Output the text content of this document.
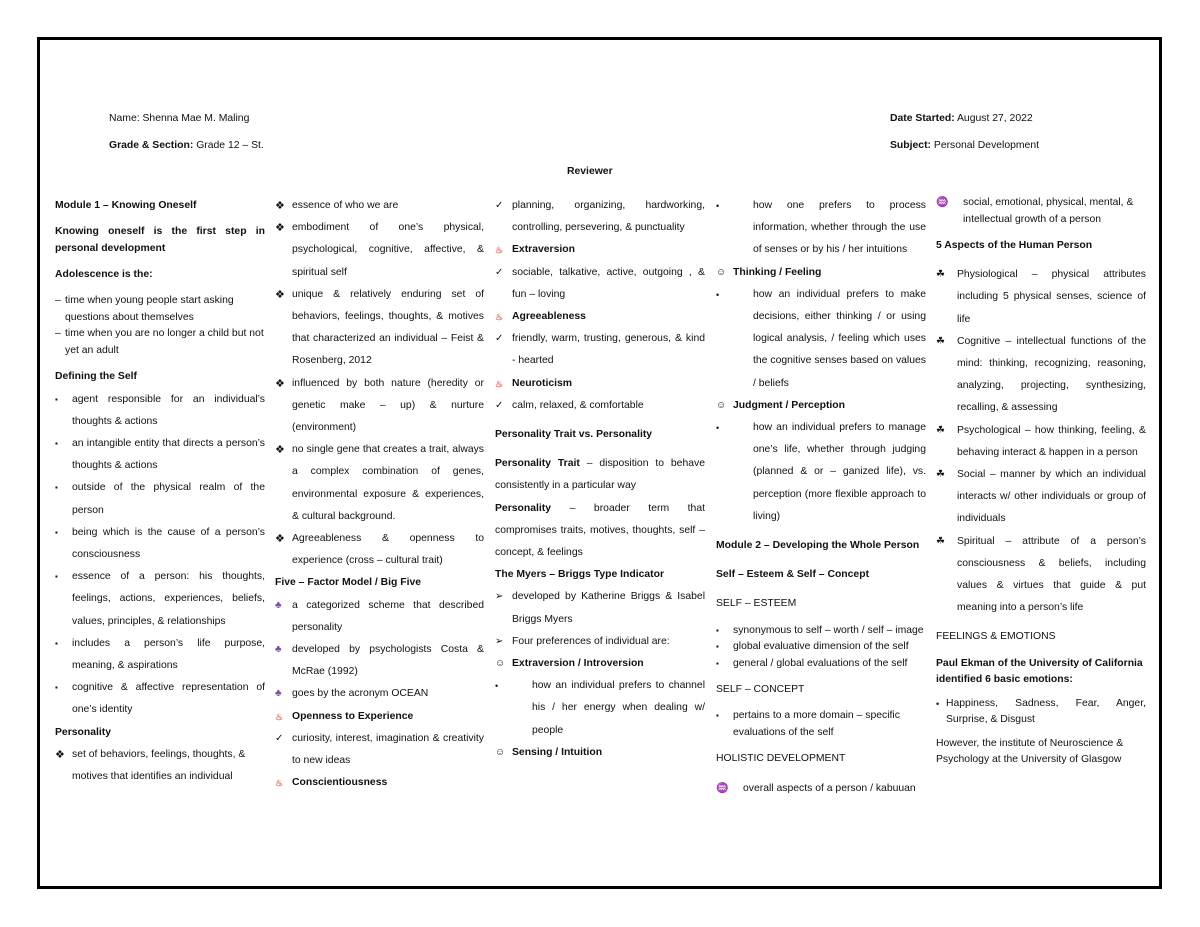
Name: Shenna Mae M. Maling
Grade & Section: Grade 12 – St.
Date Started: August 27, 2022
Subject: Personal Development
Reviewer

Module 1 – Knowing Oneself

Knowing oneself is the first step in personal development

Adolescence is the:

– time when young people start asking questions about themselves
– time when you are no longer a child but not yet an adult

Defining the Self

▪	agent responsible for an individual’s thoughts & actions
▪	an intangible entity that directs a person’s thoughts & actions
▪	outside of the physical realm of the person
▪	being which is the cause of a person’s consciousness
▪	essence of a person: his thoughts, feelings, actions, experiences, beliefs, values, principles, & relationships
▪	includes a person’s life purpose, meaning, & aspirations
▪	cognitive & affective representation of one’s identity

Personality

❖ set of behaviors, feelings, thoughts, & motives that identifies an individual
❖ essence of who we are
❖ embodiment of one’s physical, psychological, cognitive, affective, & spiritual self
❖ unique & relatively enduring set of behaviors, feelings, thoughts, & motives that characterized an individual – Feist & Rosenberg, 2012
❖ influenced by both nature (heredity or genetic make – up) & nurture (environment)
❖ no single gene that creates a trait, always a complex combination of genes, environmental exposure & experiences, & cultural background.
❖ Agreeableness & openness to experience (cross – cultural trait)

Five – Factor Model / Big Five

♣	a categorized scheme that described personality
♣	developed by psychologists Costa & McRae (1992)
♣	goes by the acronym OCEAN
♨ Openness to Experience
✓ curiosity, interest, imagination & creativity to new ideas
♨ Conscientiousness
✓ planning, organizing, hardworking, controlling, persevering, & punctuality
♨ Extraversion
✓ sociable, talkative, active, outgoing , & fun – loving
♨ Agreeableness
✓ friendly, warm, trusting, generous, & kind - hearted
♨ Neuroticism
✓ calm, relaxed, & comfortable

Personality Trait vs. Personality

Personality Trait – disposition to behave consistently in a particular way

Personality – broader term that compromises traits, motives, thoughts, self – concept, & feelings

The Myers – Briggs Type Indicator

➢ developed by Katherine Briggs & Isabel Briggs Myers
➢ Four preferences of individual are:
☺ Extraversion / Introversion
•	how an individual prefers to channel his / her energy when dealing w/ people
☺ Sensing / Intuition
•	how one prefers to process information, whether through the use of senses or by his / her intuitions
☺ Thinking / Feeling
•	how an individual prefers to make decisions, either thinking / or using logical analysis, / feeling which uses the cognitive senses based on values / beliefs
☺ Judgment / Perception
•	how an individual prefers to manage one’s life, whether through judging (planned & or – ganized life), vs. perception (more flexible approach to living)

Module 2 – Developing the Whole Person

Self – Esteem & Self – Concept

SELF – ESTEEM

▪	synonymous to self – worth / self – image
▪	global evaluative dimension of the self
▪	general / global evaluations of the self

SELF – CONCEPT

▪	pertains to a more domain – specific evaluations of the self

HOLISTIC DEVELOPMENT

♒ overall aspects of a person / kabuuan
♒ social, emotional, physical, mental, & intellectual growth of a person

5 Aspects of the Human Person

☘	Physiological – physical attributes including 5 physical senses, science of life
☘	Cognitive – intellectual functions of the mind: thinking, recognizing, reasoning, analyzing, projecting, synthesizing, recalling, & assessing
☘	Psychological – how thinking, feeling, & behaving interact & happen in a person
☘	Social – manner by which an individual interacts w/ other individuals or group of individuals
☘	Spiritual – attribute of a person’s consciousness & beliefs, including values & virtues that guide & put meaning into a person’s life

FEELINGS & EMOTIONS

Paul Ekman of the University of California identified 6 basic emotions:

• Happiness, Sadness, Fear, Anger, Surprise, & Disgust

However, the institute of Neuroscience & Psychology at the University of Glasgow
